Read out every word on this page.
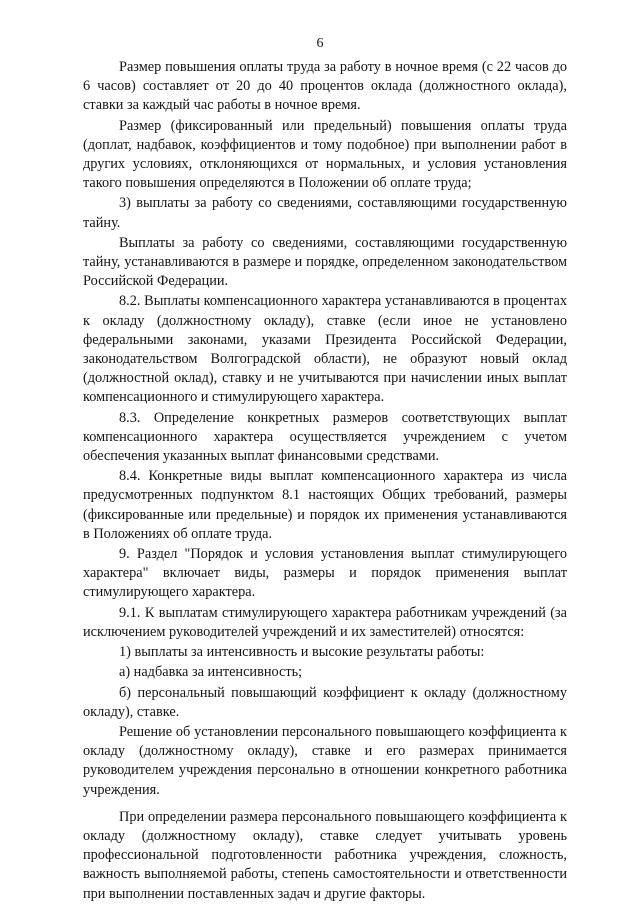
6

Размер повышения оплаты труда за работу в ночное время (с 22 часов до 6 часов) составляет от 20 до 40 процентов оклада (должностного оклада), ставки за каждый час работы в ночное время.

Размер (фиксированный или предельный) повышения оплаты труда (доплат, надбавок, коэффициентов и тому подобное) при выполнении работ в других условиях, отклоняющихся от нормальных, и условия установления такого повышения определяются в Положении об оплате труда;

3) выплаты за работу со сведениями, составляющими государственную тайну.

Выплаты за работу со сведениями, составляющими государственную тайну, устанавливаются в размере и порядке, определенном законодательством Российской Федерации.

8.2. Выплаты компенсационного характера устанавливаются в процентах к окладу (должностному окладу), ставке (если иное не установлено федеральными законами, указами Президента Российской Федерации, законодательством Волгоградской области), не образуют новый оклад (должностной оклад), ставку и не учитываются при начислении иных выплат компенсационного и стимулирующего характера.

8.3. Определение конкретных размеров соответствующих выплат компенсационного характера осуществляется учреждением с учетом обеспечения указанных выплат финансовыми средствами.

8.4. Конкретные виды выплат компенсационного характера из числа предусмотренных подпунктом 8.1 настоящих Общих требований, размеры (фиксированные или предельные) и порядок их применения устанавливаются в Положениях об оплате труда.

9. Раздел "Порядок и условия установления выплат стимулирующего характера" включает виды, размеры и порядок применения выплат стимулирующего характера.

9.1. К выплатам стимулирующего характера работникам учреждений (за исключением руководителей учреждений и их заместителей) относятся:

1) выплаты за интенсивность и высокие результаты работы:

а) надбавка за интенсивность;

б) персональный повышающий коэффициент к окладу (должностному окладу), ставке.

Решение об установлении персонального повышающего коэффициента к окладу (должностному окладу), ставке и его размерах принимается руководителем учреждения персонально в отношении конкретного работника учреждения.

При определении размера персонального повышающего коэффициента к окладу (должностному окладу), ставке следует учитывать уровень профессиональной подготовленности работника учреждения, сложность, важность выполняемой работы, степень самостоятельности и ответственности при выполнении поставленных задач и другие факторы.
